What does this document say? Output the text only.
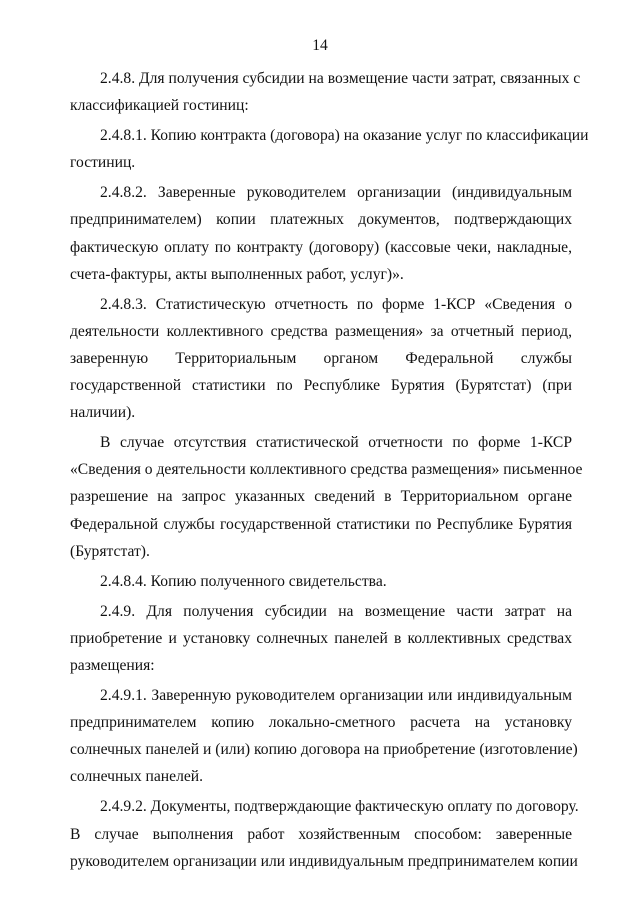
14
2.4.8. Для получения субсидии на возмещение части затрат, связанных с
классификацией гостиниц:
2.4.8.1. Копию контракта (договора) на оказание услуг по классификации
гостиниц.
2.4.8.2. Заверенные руководителем организации (индивидуальным
предпринимателем) копии платежных документов, подтверждающих
фактическую оплату по контракту (договору) (кассовые чеки, накладные,
счета-фактуры, акты выполненных работ, услуг)».
2.4.8.3. Статистическую отчетность по форме 1-КСР «Сведения о
деятельности коллективного средства размещения» за отчетный период,
заверенную Территориальным органом Федеральной службы
государственной статистики по Республике Бурятия (Бурятстат) (при
наличии).
В случае отсутствия статистической отчетности по форме 1-КСР
«Сведения о деятельности коллективного средства размещения» письменное
разрешение на запрос указанных сведений в Территориальном органе
Федеральной службы государственной статистики по Республике Бурятия
(Бурятстат).
2.4.8.4. Копию полученного свидетельства.
2.4.9. Для получения субсидии на возмещение части затрат на
приобретение и установку солнечных панелей в коллективных средствах
размещения:
2.4.9.1. Заверенную руководителем организации или индивидуальным
предпринимателем копию локально-сметного расчета на установку
солнечных панелей и (или) копию договора на приобретение (изготовление)
солнечных панелей.
2.4.9.2. Документы, подтверждающие фактическую оплату по договору.
В случае выполнения работ хозяйственным способом: заверенные
руководителем организации или индивидуальным предпринимателем копии
